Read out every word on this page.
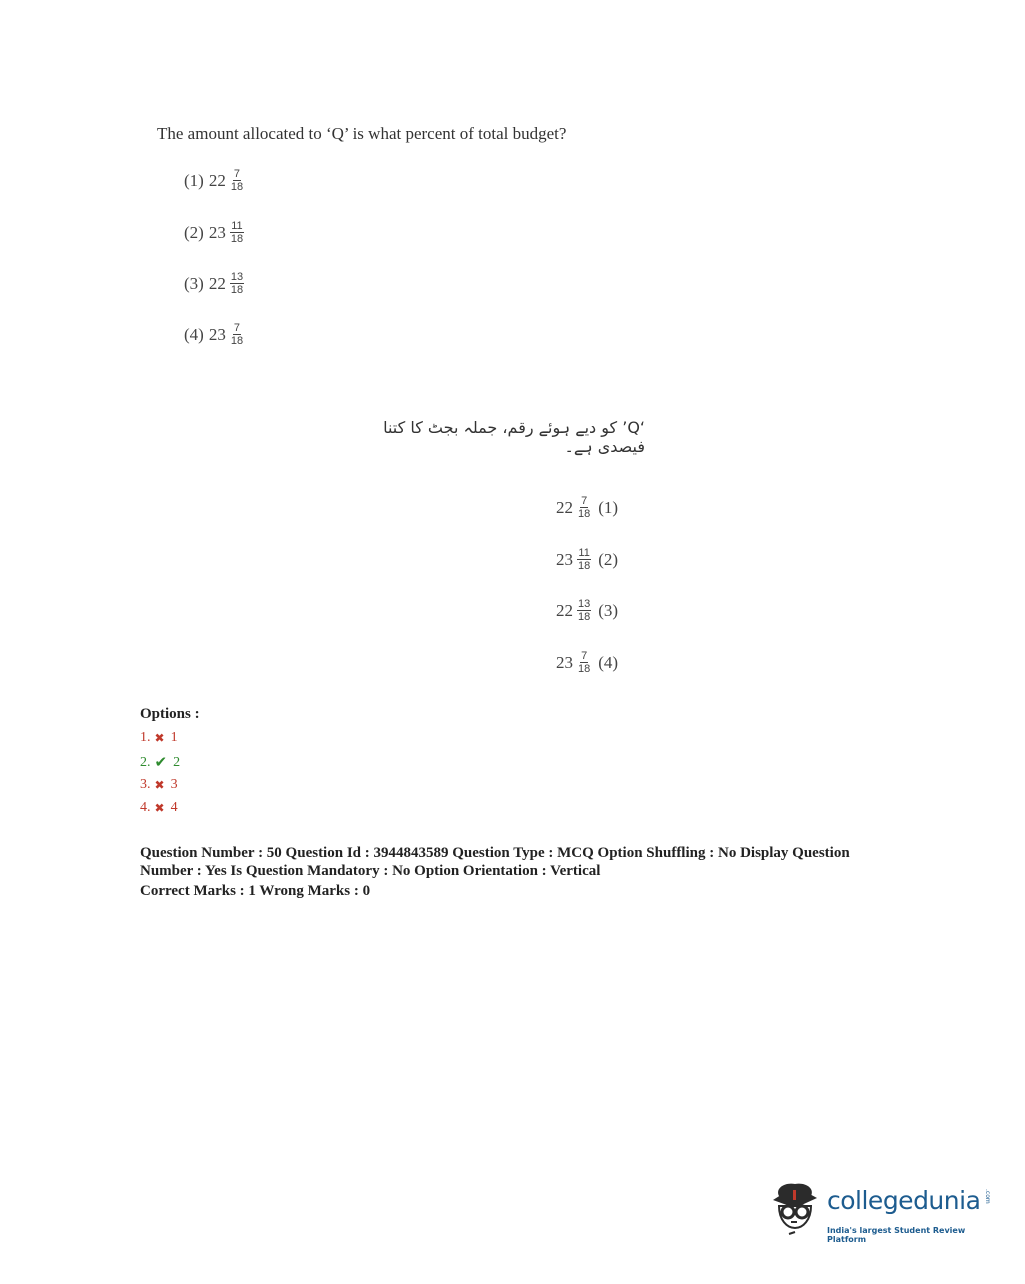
The amount allocated to ‘Q’ is what percent of total budget?
(1) $22 \frac{7}{18}$
(2) $23 \frac{11}{18}$
(3) $22 \frac{13}{18}$
(4) $23 \frac{7}{18}$
‘Q’ کو دیے ہوئے رقم، جملہ بجٹ کا کتنا فیصدی ہے۔
$22 \frac{7}{18} (1)$
$23 \frac{11}{18} (2)$
$22 \frac{13}{18} (3)$
$23 \frac{7}{18} (4)$
Options :
1. ✖ 1
2. ✔ 2
3. ✖ 3
4. ✖ 4
Question Number : 50 Question Id : 3944843589 Question Type : MCQ Option Shuffling : No Display Question Number : Yes Is Question Mandatory : No Option Orientation : Vertical
Correct Marks : 1 Wrong Marks : 0
collegedunia .com
India's largest Student Review Platform
